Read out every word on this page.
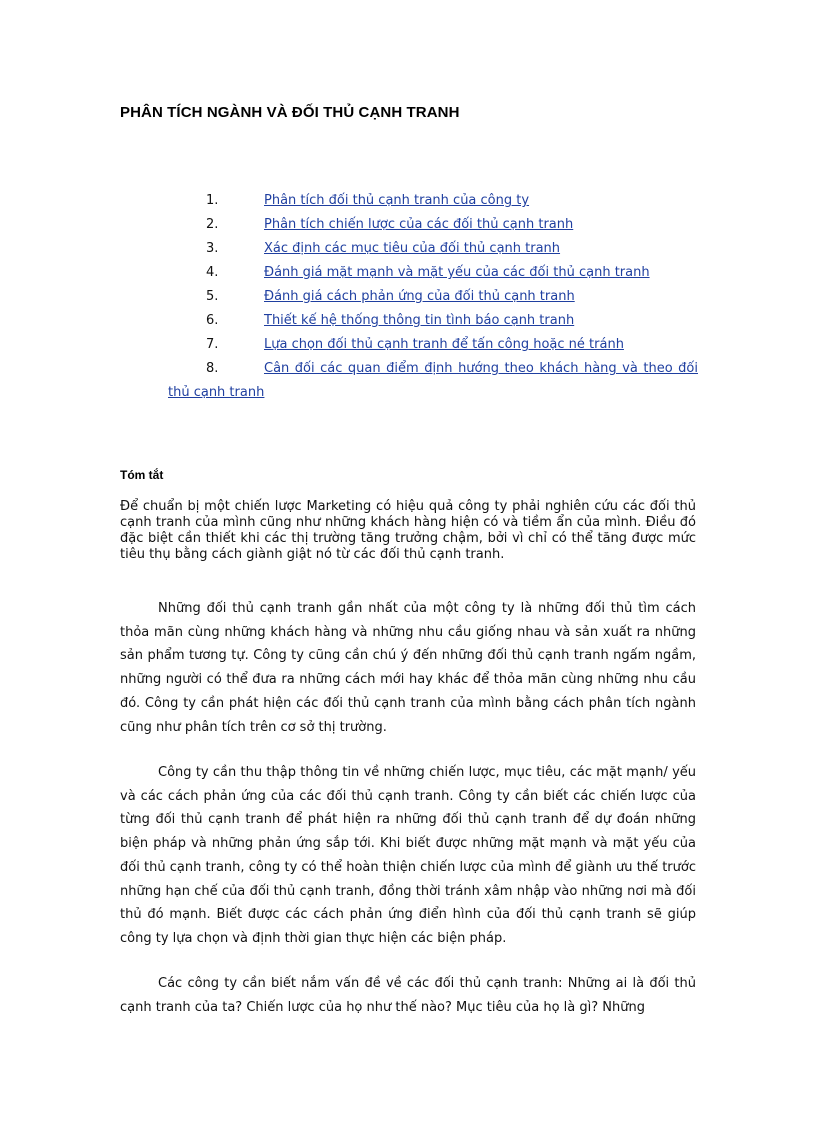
PHÂN TÍCH NGÀNH VÀ ĐỐI THỦ CẠNH TRANH
1.	Phân tích đối thủ cạnh tranh của công ty
2.	Phân tích chiến lược của các đối thủ cạnh tranh
3.	Xác định các mục tiêu của đối thủ cạnh tranh
4.	Đánh giá mặt mạnh và mặt yếu của các đối thủ cạnh tranh
5.	Đánh giá cách phản ứng của đối thủ cạnh tranh
6.	Thiết kế hệ thống thông tin tình báo cạnh tranh
7.	Lựa chọn đối thủ cạnh tranh để tấn công hoặc né tránh
8.	Cân đối các quan điểm định hướng theo khách hàng và theo đối thủ cạnh tranh
Tóm tắt

Để chuẩn bị một chiến lược Marketing có hiệu quả công ty phải nghiên cứu các đối thủ cạnh tranh của mình cũng như những khách hàng hiện có và tiềm ẩn của mình. Điều đó đặc biệt cần thiết khi các thị trường tăng trưởng chậm, bởi vì chỉ có thể tăng được mức tiêu thụ bằng cách giành giật nó từ các đối thủ cạnh tranh.

Những đối thủ cạnh tranh gần nhất của một công ty là những đối thủ tìm cách thỏa mãn cùng những khách hàng và những nhu cầu giống nhau và sản xuất ra những sản phẩm tương tự. Công ty cũng cần chú ý đến những đối thủ cạnh tranh ngấm ngầm, những người có thể đưa ra những cách mới hay khác để thỏa mãn cùng những nhu cầu đó. Công ty cần phát hiện các đối thủ cạnh tranh của mình bằng cách phân tích ngành cũng như phân tích trên cơ sở thị trường.

Công ty cần thu thập thông tin về những chiến lược, mục tiêu, các mặt mạnh/ yếu và các cách phản ứng của các đối thủ cạnh tranh. Công ty cần biết các chiến lược của từng đối thủ cạnh tranh để phát hiện ra những đối thủ cạnh tranh để dự đoán những biện pháp và những phản ứng sắp tới. Khi biết được những mặt mạnh và mặt yếu của đối thủ cạnh tranh, công ty có thể hoàn thiện chiến lược của mình để giành ưu thế trước những hạn chế của đối thủ cạnh tranh, đồng thời tránh xâm nhập vào những nơi mà đối thủ đó mạnh. Biết được các cách phản ứng điển hình của đối thủ cạnh tranh sẽ giúp công ty lựa chọn và định thời gian thực hiện các biện pháp.

Các công ty cần biết nắm vấn đề về các đối thủ cạnh tranh: Những ai là đối thủ cạnh tranh của ta? Chiến lược của họ như thế nào? Mục tiêu của họ là gì? Những
